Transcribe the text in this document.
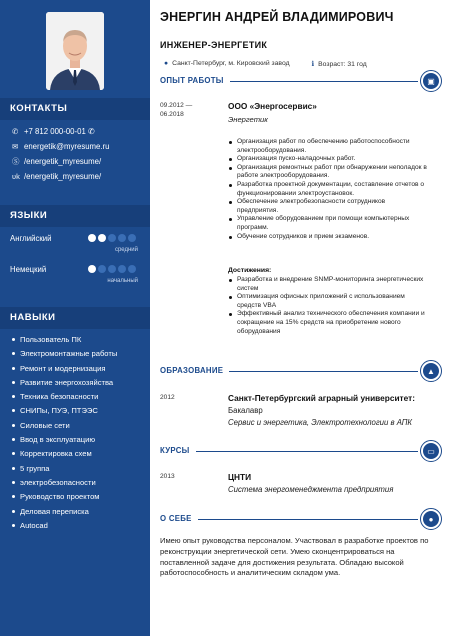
КОНТАКТЫ
✆ +7 812 000-00-01 ✆
✉ energetik@myresume.ru
Ⓢ /energetik_myresume/
ʋk /energetik_myresume/
ЯЗЫКИ
Английский
средний
Немецкий
начальный
НАВЫКИ
Пользователь ПК
Электромонтажные работы
Ремонт и модернизация
Развитие энергохозяйства
Техника безопасности
СНИПы, ПУЭ, ПТЭЭС
Силовые сети
Ввод в эксплуатацию
Корректировка схем
5 группа
электробезопасности
Руководство проектом
Деловая переписка
Autocad
ЭНЕРГИН АНДРЕЙ ВЛАДИМИРОВИЧ
ИНЖЕНЕР-ЭНЕРГЕТИК
● Санкт-Петербург, м. Кировский завод	ℹ Возраст: 31 год
ОПЫТ РАБОТЫ	▣
09.2012 —
06.2018
ООО «Энергосервис»
Энергетик
Организация работ по обеспечению работоспособности электрооборудования.
Организация пуско-наладочных работ.
Организация ремонтных работ при обнаружении неполадок в работе электрооборудования.
Разработка проектной документации, составление отчетов о функционировании электроустановок.
Обеспечение электробезопасности сотрудников предприятия.
Управление оборудованием при помощи компьютерных программ.
Обучение сотрудников и прием экзаменов.
Достижения:
Разработка и внедрение SNMP-мониторинга энергетических систем
Оптимизация офисных приложений с использованием средств VBA
Эффективный анализ технического обеспечения компании и сокращение на 15% средств на приобретение нового оборудования
ОБРАЗОВАНИЕ	▲
2012	Санкт-Петербургский аграрный университет:
Бакалавр
Сервис и энергетика, Электротехнологии в АПК
КУРСЫ	▭
2013	ЦНТИ
Система энергоменеджмента предприятия
О СЕБЕ	●
Имею опыт руководства персоналом. Участвовал в разработке проектов по реконструкции энергетической сети. Умею сконцентрироваться на поставленной задаче для достижения результата. Обладаю высокой работоспособность и аналитическим складом ума.
